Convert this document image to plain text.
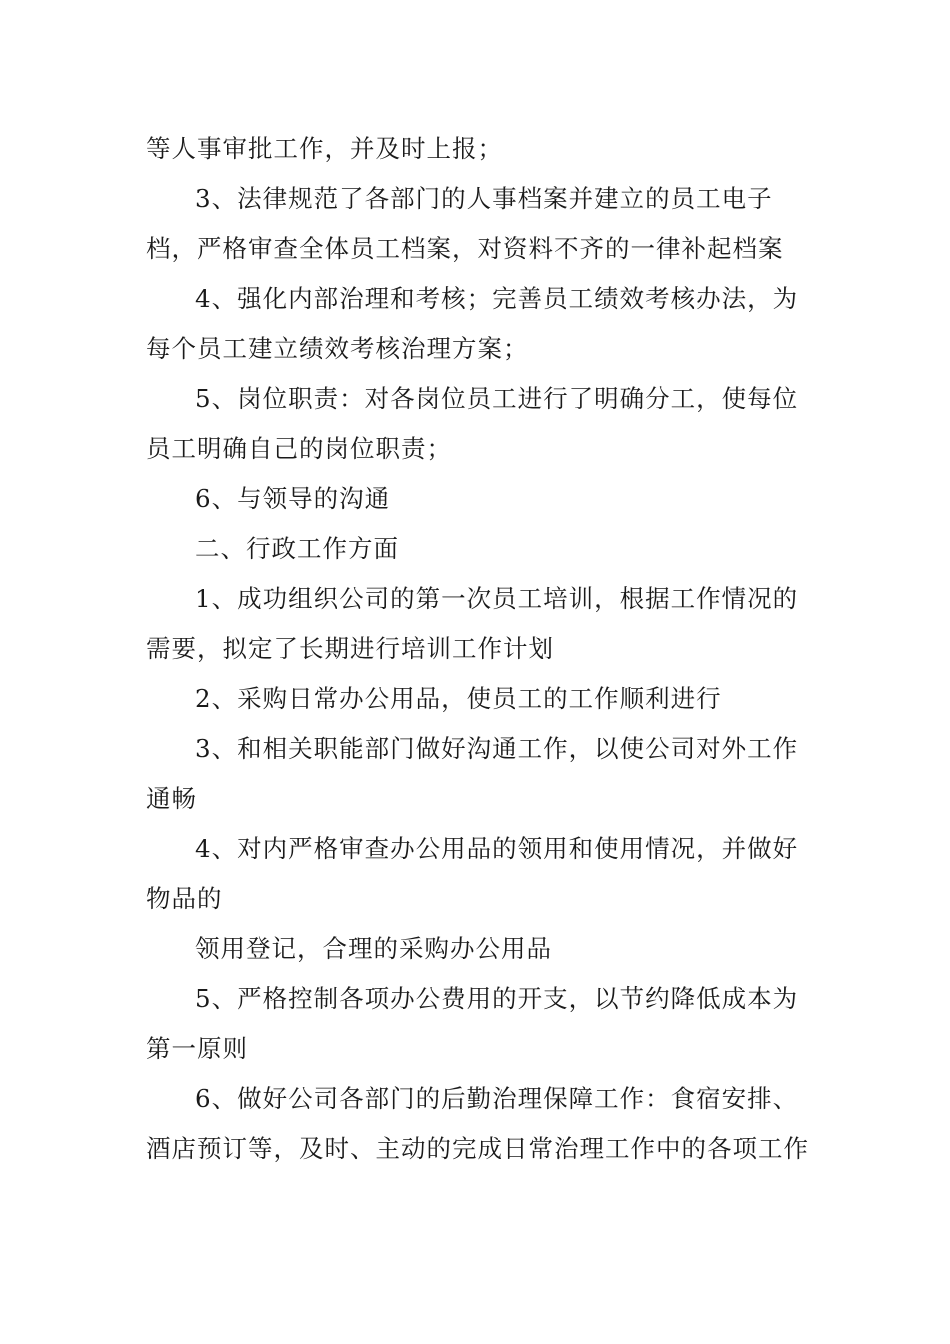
等人事审批工作，并及时上报；

3、法律规范了各部门的人事档案并建立的员工电子档，严格审查全体员工档案，对资料不齐的一律补起档案

4、强化内部治理和考核；完善员工绩效考核办法，为每个员工建立绩效考核治理方案；

5、岗位职责：对各岗位员工进行了明确分工，使每位员工明确自己的岗位职责；

6、与领导的沟通

二、行政工作方面

1、成功组织公司的第一次员工培训，根据工作情况的需要，拟定了长期进行培训工作计划

2、采购日常办公用品，使员工的工作顺利进行

3、和相关职能部门做好沟通工作，以使公司对外工作通畅

4、对内严格审查办公用品的领用和使用情况，并做好物品的

领用登记，合理的采购办公用品

5、严格控制各项办公费用的开支，以节约降低成本为第一原则

6、做好公司各部门的后勤治理保障工作：食宿安排、酒店预订等，及时、主动的完成日常治理工作中的各项工作
